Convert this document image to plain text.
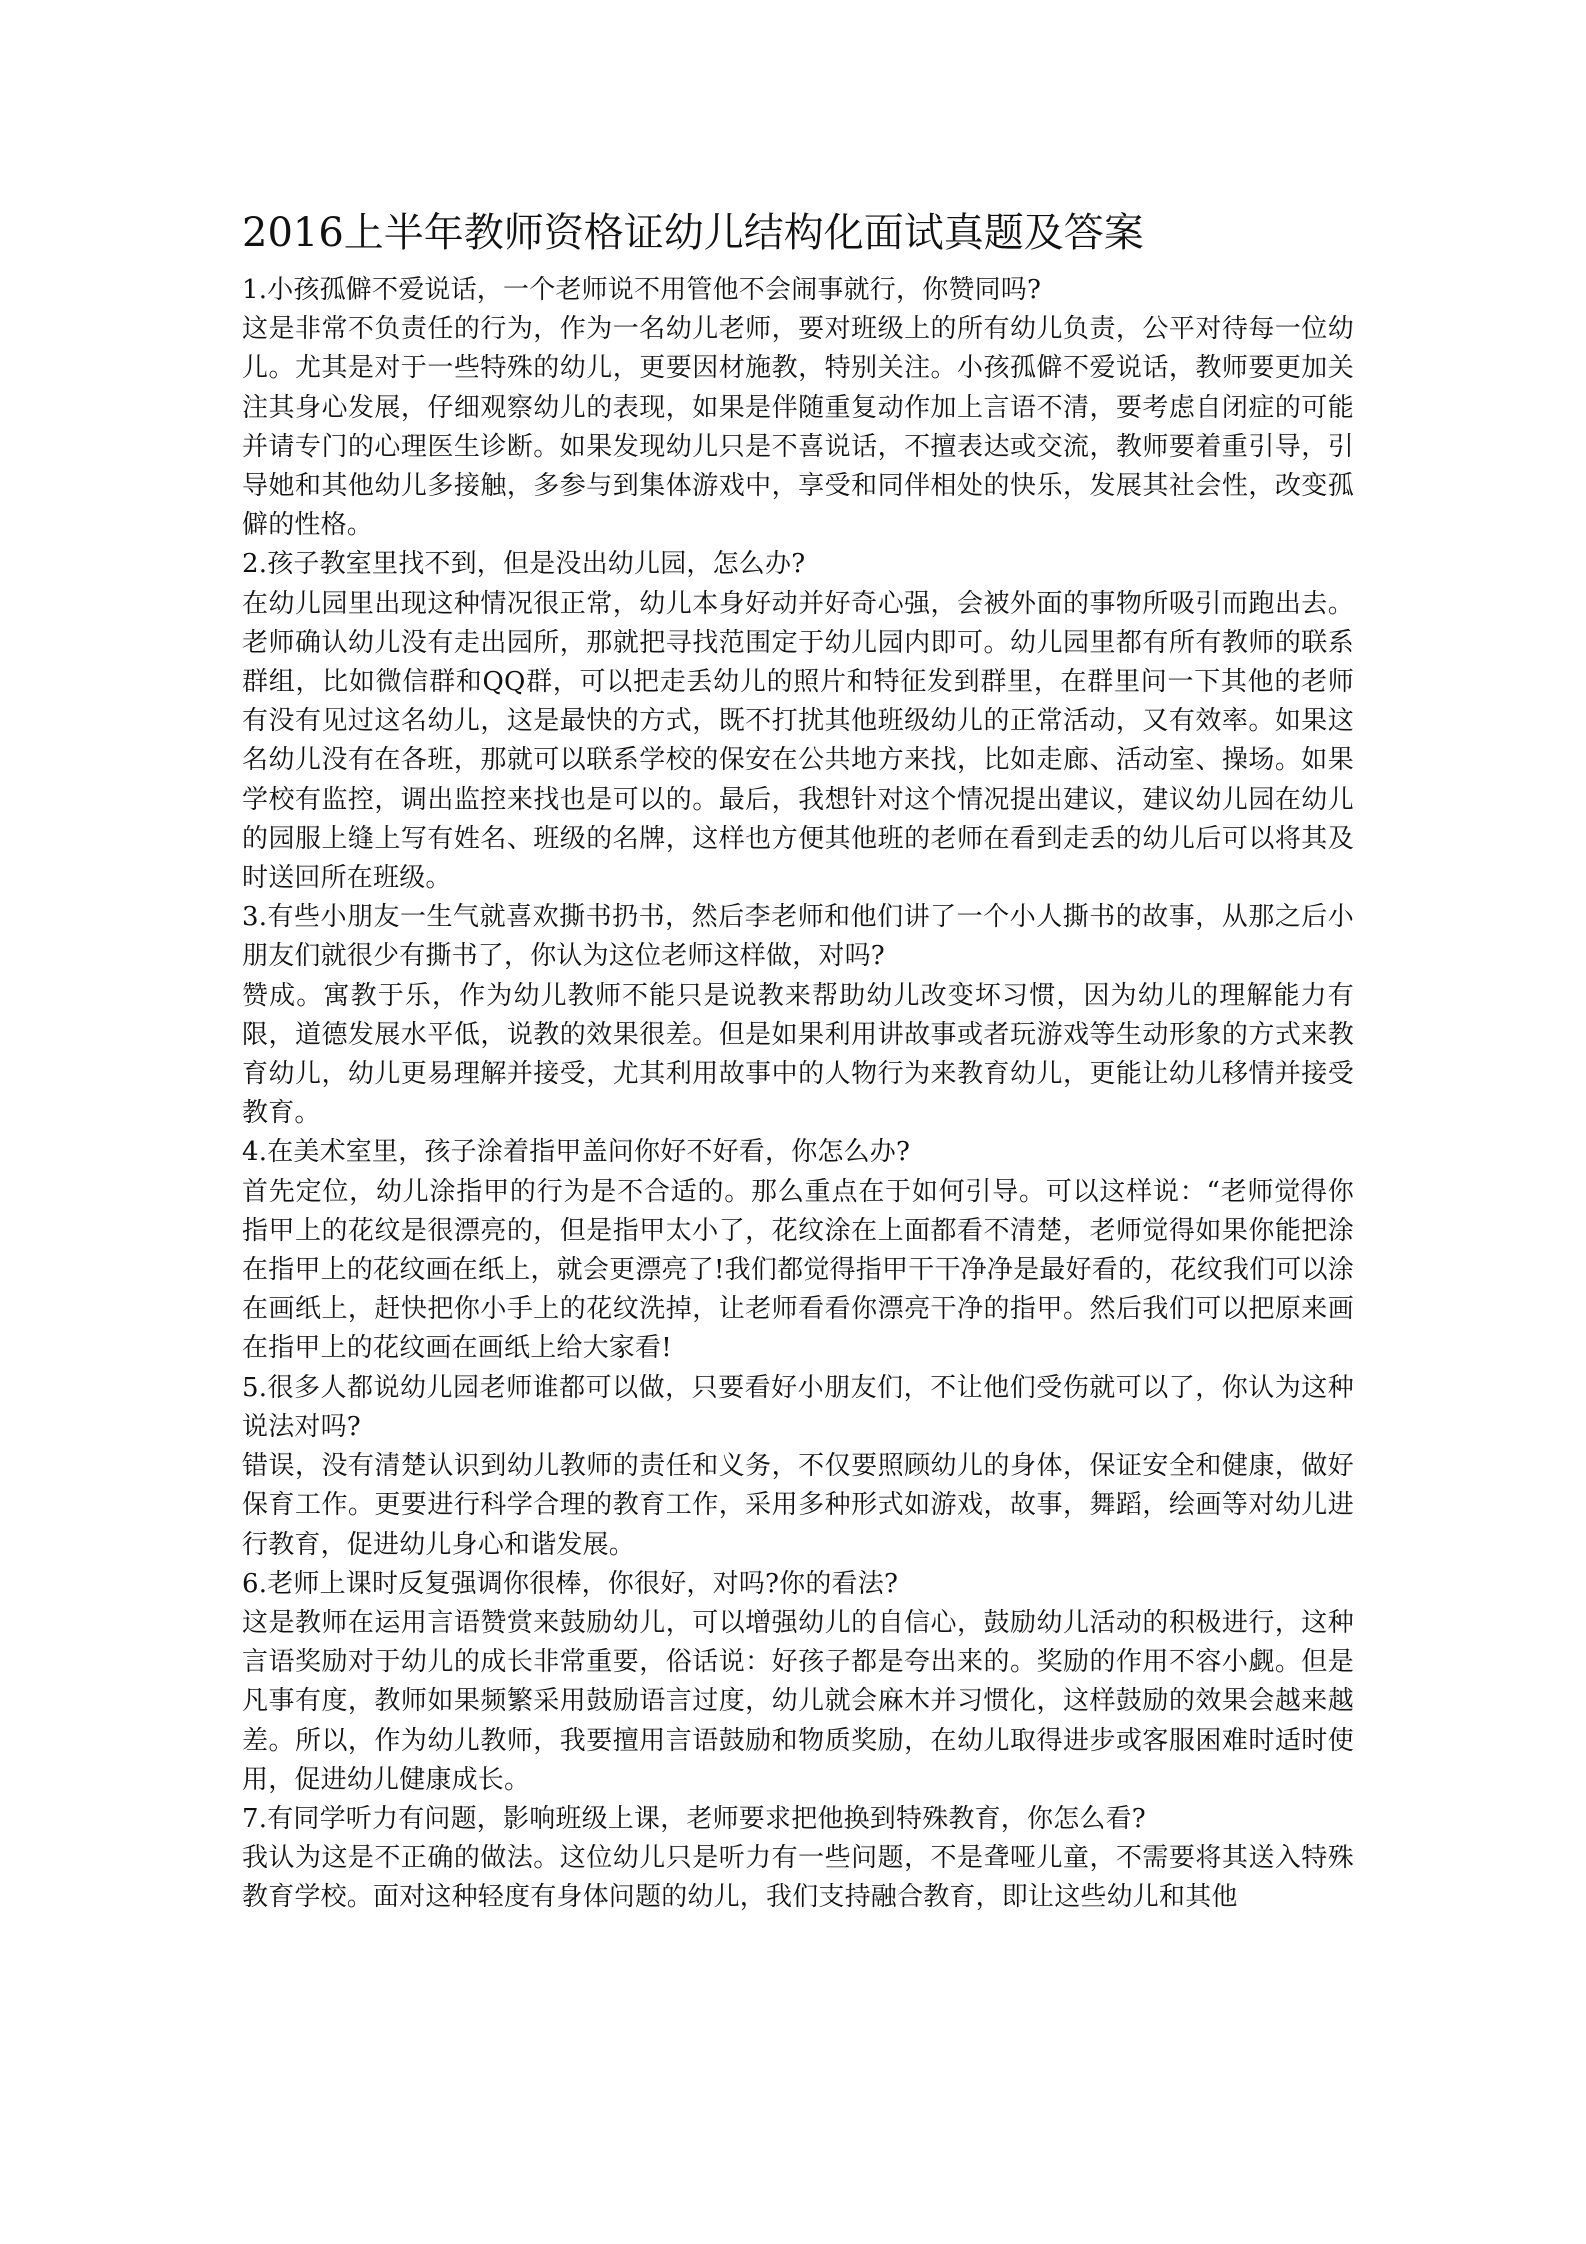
2016上半年教师资格证幼儿结构化面试真题及答案

1.小孩孤僻不爱说话，一个老师说不用管他不会闹事就行，你赞同吗?

这是非常不负责任的行为，作为一名幼儿老师，要对班级上的所有幼儿负责，公平对待每一位幼儿。尤其是对于一些特殊的幼儿，更要因材施教，特别关注。小孩孤僻不爱说话，教师要更加关注其身心发展，仔细观察幼儿的表现，如果是伴随重复动作加上言语不清，要考虑自闭症的可能并请专门的心理医生诊断。如果发现幼儿只是不喜说话，不擅表达或交流，教师要着重引导，引导她和其他幼儿多接触，多参与到集体游戏中，享受和同伴相处的快乐，发展其社会性，改变孤僻的性格。

2.孩子教室里找不到，但是没出幼儿园，怎么办?

在幼儿园里出现这种情况很正常，幼儿本身好动并好奇心强，会被外面的事物所吸引而跑出去。老师确认幼儿没有走出园所，那就把寻找范围定于幼儿园内即可。幼儿园里都有所有教师的联系群组，比如微信群和QQ群，可以把走丢幼儿的照片和特征发到群里，在群里问一下其他的老师有没有见过这名幼儿，这是最快的方式，既不打扰其他班级幼儿的正常活动，又有效率。如果这名幼儿没有在各班，那就可以联系学校的保安在公共地方来找，比如走廊、活动室、操场。如果学校有监控，调出监控来找也是可以的。最后，我想针对这个情况提出建议，建议幼儿园在幼儿的园服上缝上写有姓名、班级的名牌，这样也方便其他班的老师在看到走丢的幼儿后可以将其及时送回所在班级。

3.有些小朋友一生气就喜欢撕书扔书，然后李老师和他们讲了一个小人撕书的故事，从那之后小朋友们就很少有撕书了，你认为这位老师这样做，对吗?

赞成。寓教于乐，作为幼儿教师不能只是说教来帮助幼儿改变坏习惯，因为幼儿的理解能力有限，道德发展水平低，说教的效果很差。但是如果利用讲故事或者玩游戏等生动形象的方式来教育幼儿，幼儿更易理解并接受，尤其利用故事中的人物行为来教育幼儿，更能让幼儿移情并接受教育。

4.在美术室里，孩子涂着指甲盖问你好不好看，你怎么办?

首先定位，幼儿涂指甲的行为是不合适的。那么重点在于如何引导。可以这样说：“老师觉得你指甲上的花纹是很漂亮的，但是指甲太小了，花纹涂在上面都看不清楚，老师觉得如果你能把涂在指甲上的花纹画在纸上，就会更漂亮了!我们都觉得指甲干干净净是最好看的，花纹我们可以涂在画纸上，赶快把你小手上的花纹洗掉，让老师看看你漂亮干净的指甲。然后我们可以把原来画在指甲上的花纹画在画纸上给大家看!

5.很多人都说幼儿园老师谁都可以做，只要看好小朋友们，不让他们受伤就可以了，你认为这种说法对吗?

错误，没有清楚认识到幼儿教师的责任和义务，不仅要照顾幼儿的身体，保证安全和健康，做好保育工作。更要进行科学合理的教育工作，采用多种形式如游戏，故事，舞蹈，绘画等对幼儿进行教育，促进幼儿身心和谐发展。

6.老师上课时反复强调你很棒，你很好，对吗?你的看法?

这是教师在运用言语赞赏来鼓励幼儿，可以增强幼儿的自信心，鼓励幼儿活动的积极进行，这种言语奖励对于幼儿的成长非常重要，俗话说：好孩子都是夸出来的。奖励的作用不容小觑。但是凡事有度，教师如果频繁采用鼓励语言过度，幼儿就会麻木并习惯化，这样鼓励的效果会越来越差。所以，作为幼儿教师，我要擅用言语鼓励和物质奖励，在幼儿取得进步或客服困难时适时使用，促进幼儿健康成长。

7.有同学听力有问题，影响班级上课，老师要求把他换到特殊教育，你怎么看?

我认为这是不正确的做法。这位幼儿只是听力有一些问题，不是聋哑儿童，不需要将其送入特殊教育学校。面对这种轻度有身体问题的幼儿，我们支持融合教育，即让这些幼儿和其他
